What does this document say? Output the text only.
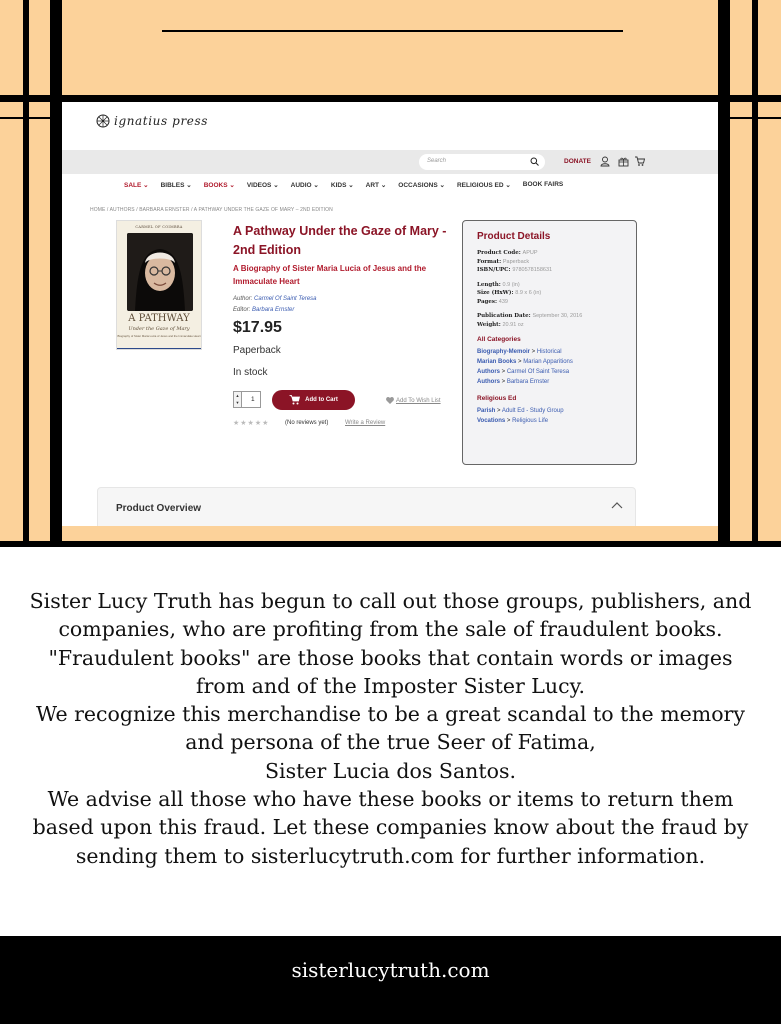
ignatius press
Search	DONATE
SALE ⌄ BIBLES ⌄ BOOKS ⌄ VIDEOS ⌄ AUDIO ⌄ KIDS ⌄ ART ⌄ OCCASIONS ⌄ RELIGIOUS ED ⌄ BOOK FAIRS
HOME / AUTHORS / BARBARA ERNSTER / A PATHWAY UNDER THE GAZE OF MARY – 2ND EDITION
CARMEL OF COIMBRA
A PATHWAY
Under the Gaze of Mary
Biography of Sister Maria Lucia of Jesus and the Immaculate Heart
A Pathway Under the Gaze of Mary - 2nd Edition
A Biography of Sister Maria Lucia of Jesus and the Immaculate Heart
Author: Carmel Of Saint Teresa
Editor: Barbara Ernster
$17.95
Paperback
In stock
▲
▼	1	Add to Cart	Add To Wish List
★★★★★	(No reviews yet)	Write a Review
Product Details
Product Code: APUP
Format: Paperback
ISBN/UPC: 9780578158631
Length: 0.9 (in)
Size (HxW): 8.9 x 6 (in)
Pages: 439
Publication Date: September 30, 2016
Weight: 20.91 oz
All Categories
Biography-Memoir > Historical
Marian Books > Marian Apparitions
Authors > Carmel Of Saint Teresa
Authors > Barbara Ernster
Religious Ed
Parish > Adult Ed - Study Group
Vocations > Religious Life
Product Overview
Sister Lucy Truth has begun to call out those groups, publishers, and
companies, who are profiting from the sale of fraudulent books.
"Fraudulent books" are those books that contain words or images
from and of the Imposter Sister Lucy.
We recognize this merchandise to be a great scandal to the memory
and persona of the true Seer of Fatima,
Sister Lucia dos Santos.
We advise all those who have these books or items to return them
based upon this fraud. Let these companies know about the fraud by
sending them to sisterlucytruth.com for further information.
sisterlucytruth.com
